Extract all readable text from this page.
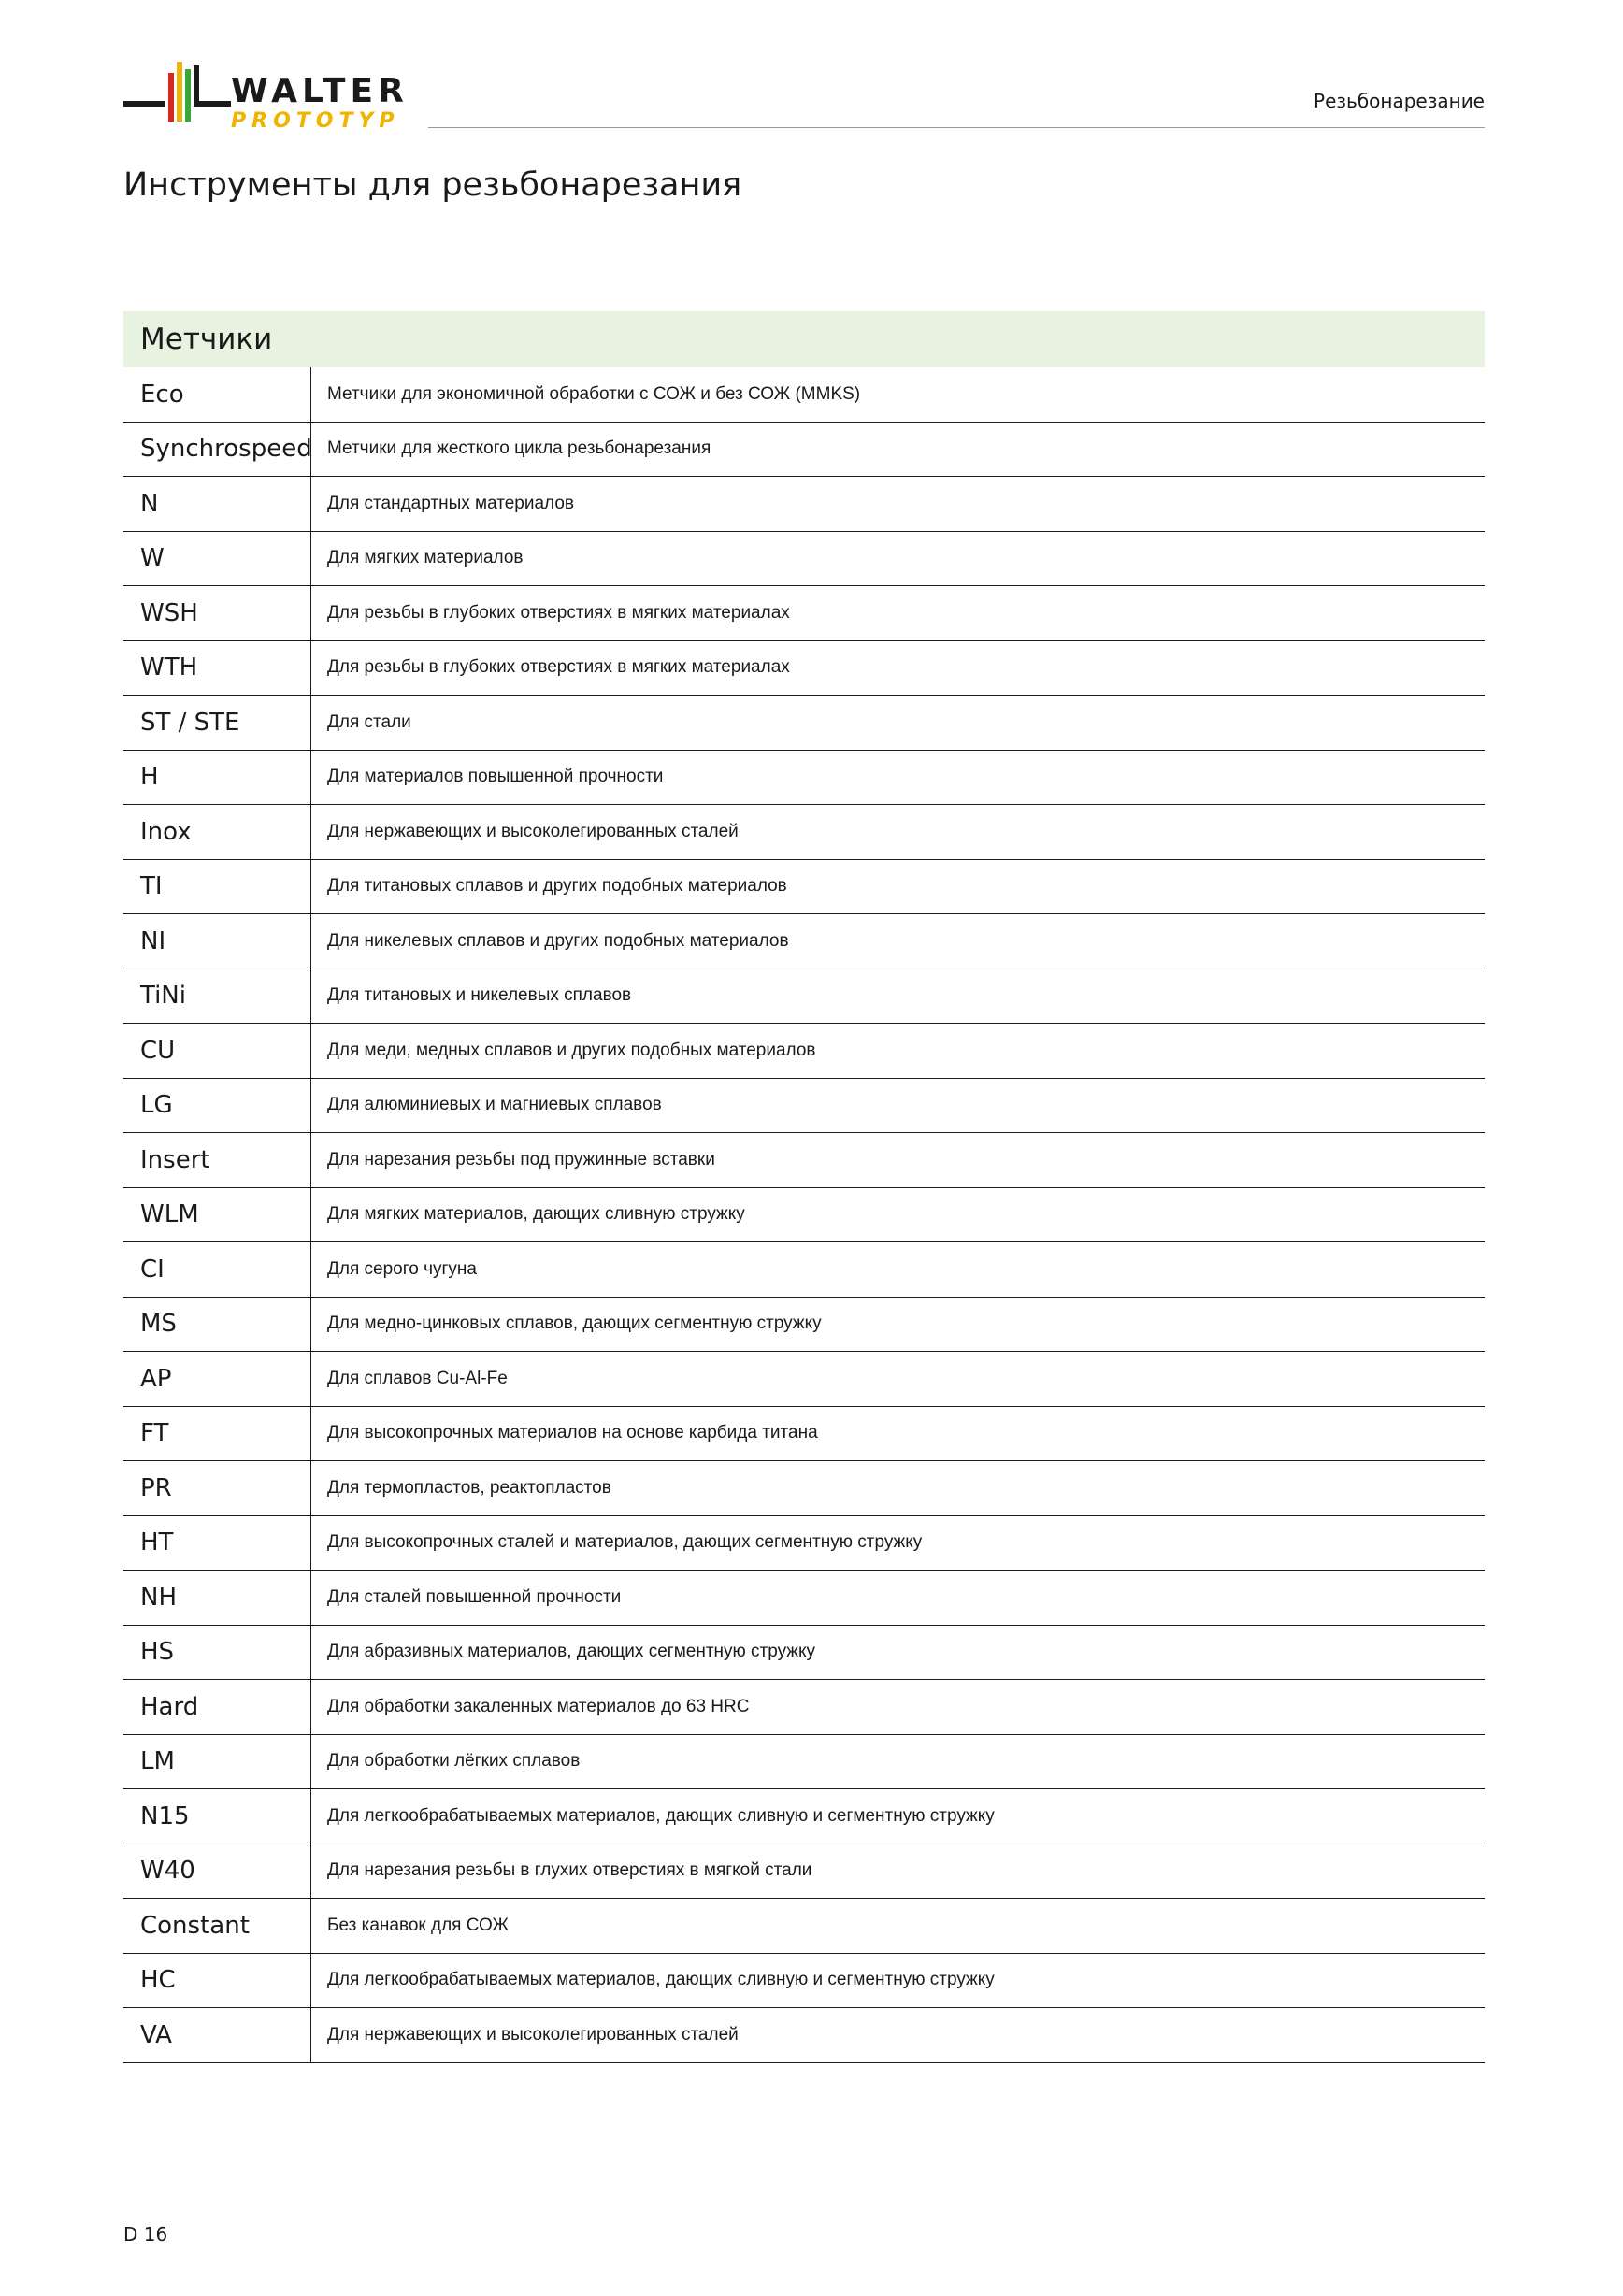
WALTER
PROTOTYP
Резьбонарезание
Инструменты для резьбонарезания
Метчики
Eco	Метчики для экономичной обработки с СОЖ и без СОЖ (MMKS)
Synchrospeed Метчики для жесткого цикла резьбонарезания
N	Для стандартных материалов
W	Для мягких материалов
WSH	Для резьбы в глубоких отверстиях в мягких материалах
WTH	Для резьбы в глубоких отверстиях в мягких материалах
ST / STE	Для стали
H	Для материалов повышенной прочности
Inox	Для нержавеющих и высоколегированных сталей
TI	Для титановых сплавов и других подобных материалов
NI	Для никелевых сплавов и других подобных материалов
TiNi	Для титановых и никелевых сплавов
CU	Для меди, медных сплавов и других подобных материалов
LG	Для алюминиевых и магниевых сплавов
Insert	Для нарезания резьбы под пружинные вставки
WLM	Для мягких материалов, дающих сливную стружку
CI	Для серого чугуна
MS	Для медно-цинковых сплавов, дающих сегментную стружку
AP	Для сплавов Cu-Al-Fe
FT	Для высокопрочных материалов на основе карбида титана
PR	Для термопластов, реактопластов
HT	Для высокопрочных сталей и материалов, дающих сегментную стружку
NH	Для сталей повышенной прочности
HS	Для абразивных материалов, дающих сегментную стружку
Hard	Для обработки закаленных материалов до 63 HRC
LM	Для обработки лёгких сплавов
N15	Для легкообрабатываемых материалов, дающих сливную и сегментную стружку
W40	Для нарезания резьбы в глухих отверстиях в мягкой стали
Constant	Без канавок для СОЖ
HC	Для легкообрабатываемых материалов, дающих сливную и сегментную стружку
VA	Для нержавеющих и высоколегированных сталей
D 16
